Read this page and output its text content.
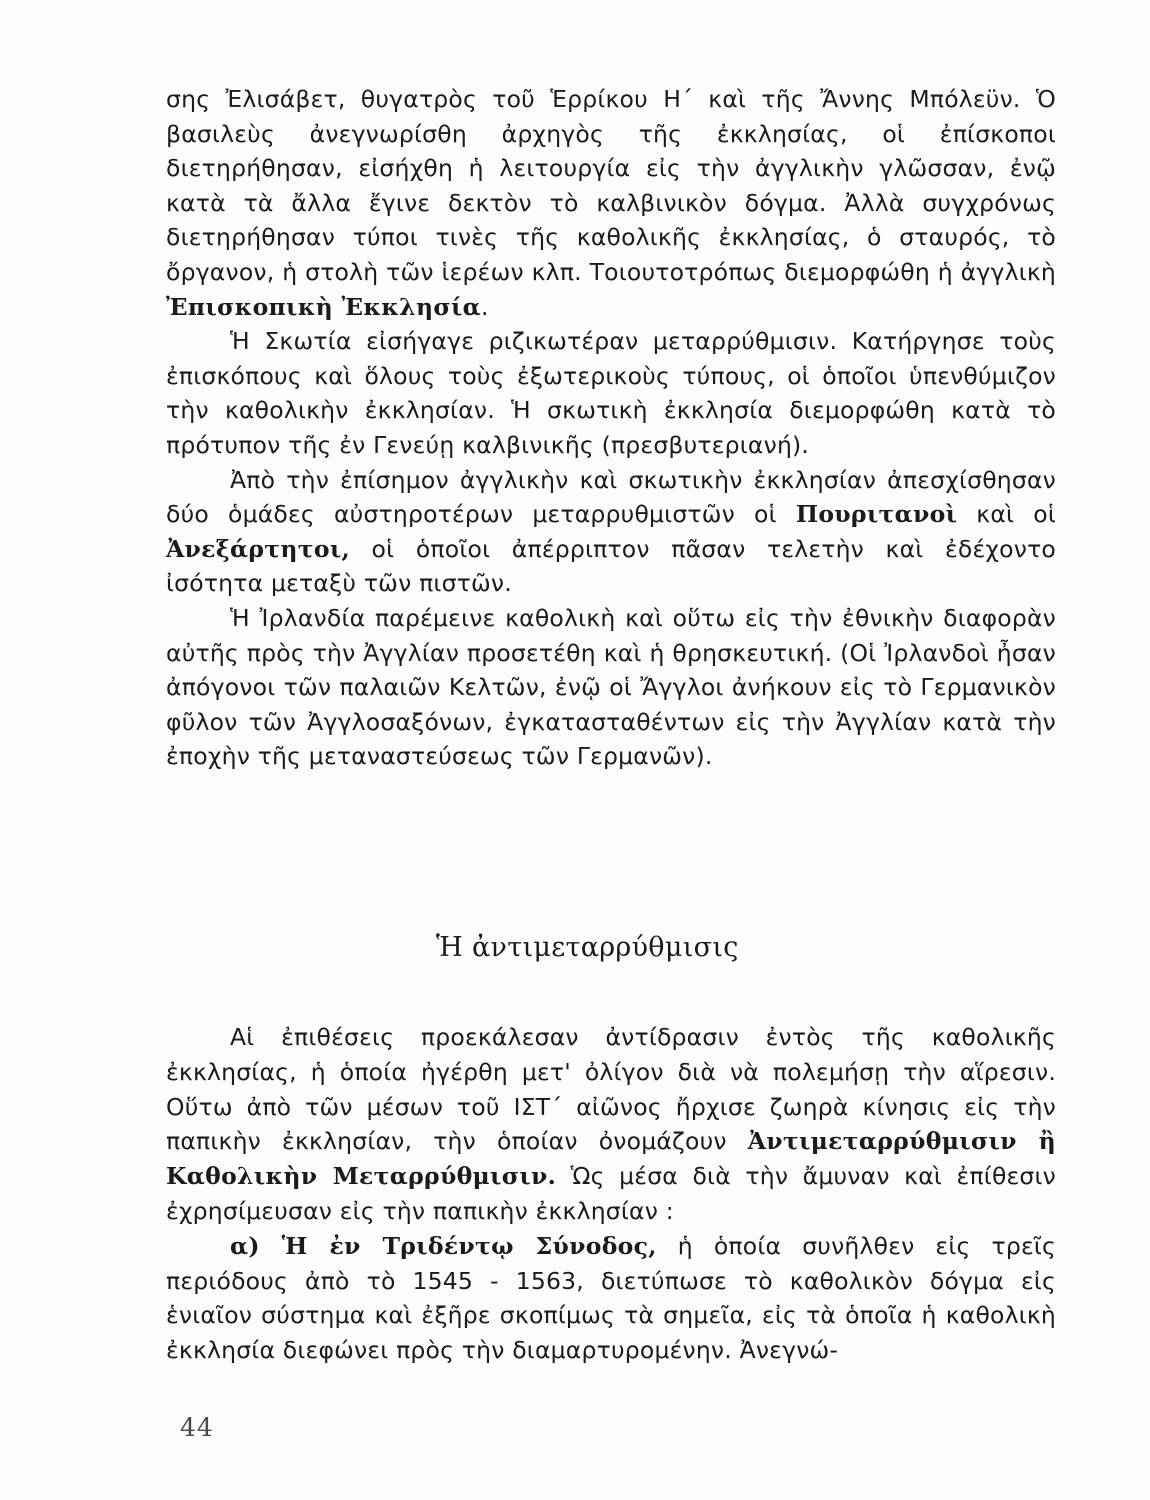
σης Ἐλισάβετ, θυγατρὸς τοῦ Ἑρρίκου Η΄ καὶ τῆς Ἄννης Μπόλεϋν. Ὁ βασιλεὺς ἀνεγνωρίσθη ἀρχηγὸς τῆς ἐκκλησίας, οἱ ἐπίσκοποι διετηρήθησαν, εἰσήχθη ἡ λειτουργία εἰς τὴν ἀγγλικὴν γλῶσσαν, ἐνῷ κατὰ τὰ ἄλλα ἔγινε δεκτὸν τὸ καλβινικὸν δόγμα. Ἀλλὰ συγχρόνως διετηρήθησαν τύποι τινὲς τῆς καθολικῆς ἐκκλησίας, ὁ σταυρός, τὸ ὄργανον, ἡ στολὴ τῶν ἱερέων κλπ. Τοιουτοτρόπως διεμορφώθη ἡ ἀγγλικὴ Ἐπισκοπικὴ Ἐκκλησία.

Ἡ Σκωτία εἰσήγαγε ριζικωτέραν μεταρρύθμισιν. Κατήργησε τοὺς ἐπισκόπους καὶ ὅλους τοὺς ἐξωτερικοὺς τύπους, οἱ ὁποῖοι ὑπενθύμιζον τὴν καθολικὴν ἐκκλησίαν. Ἡ σκωτικὴ ἐκκλησία διεμορφώθη κατὰ τὸ πρότυπον τῆς ἐν Γενεύῃ καλβινικῆς (πρεσβυτεριανή).

Ἀπὸ τὴν ἐπίσημον ἀγγλικὴν καὶ σκωτικὴν ἐκκλησίαν ἀπεσχίσθησαν δύο ὁμάδες αὐστηροτέρων μεταρρυθμιστῶν οἱ Πουριτανοὶ καὶ οἱ Ἀνεξάρτητοι, οἱ ὁποῖοι ἀπέρριπτον πᾶσαν τελετὴν καὶ ἐδέχοντο ἰσότητα μεταξὺ τῶν πιστῶν.

Ἡ Ἰρλανδία παρέμεινε καθολικὴ καὶ οὕτω εἰς τὴν ἐθνικὴν διαφορὰν αὐτῆς πρὸς τὴν Ἀγγλίαν προσετέθη καὶ ἡ θρησκευτική. (Οἱ Ἰρλανδοὶ ἦσαν ἀπόγονοι τῶν παλαιῶν Κελτῶν, ἐνῷ οἱ Ἄγγλοι ἀνήκουν εἰς τὸ Γερμανικὸν φῦλον τῶν Ἀγγλοσαξόνων, ἐγκατασταθέντων εἰς τὴν Ἀγγλίαν κατὰ τὴν ἐποχὴν τῆς μεταναστεύσεως τῶν Γερμανῶν).

Ἡ ἀντιμεταρρύθμισις

Αἱ ἐπιθέσεις προεκάλεσαν ἀντίδρασιν ἐντὸς τῆς καθολικῆς ἐκκλησίας, ἡ ὁποία ἠγέρθη μετ' ὀλίγον διὰ νὰ πολεμήσῃ τὴν αἵρεσιν. Οὕτω ἀπὸ τῶν μέσων τοῦ ΙΣΤ΄ αἰῶνος ἤρχισε ζωηρὰ κίνησις εἰς τὴν παπικὴν ἐκκλησίαν, τὴν ὁποίαν ὀνομάζουν Ἀντιμεταρρύθμισιν ἢ Καθολικὴν Μεταρρύθμισιν. Ὡς μέσα διὰ τὴν ἄμυναν καὶ ἐπίθεσιν ἐχρησίμευσαν εἰς τὴν παπικὴν ἐκκλησίαν :

α) Ἡ ἐν Τριδέντῳ Σύνοδος, ἡ ὁποία συνῆλθεν εἰς τρεῖς περιόδους ἀπὸ τὸ 1545 - 1563, διετύπωσε τὸ καθολικὸν δόγμα εἰς ἑνιαῖον σύστημα καὶ ἐξῆρε σκοπίμως τὰ σημεῖα, εἰς τὰ ὁποῖα ἡ καθολικὴ ἐκκλησία διεφώνει πρὸς τὴν διαμαρτυρομένην. Ἀνεγνώ-

44
